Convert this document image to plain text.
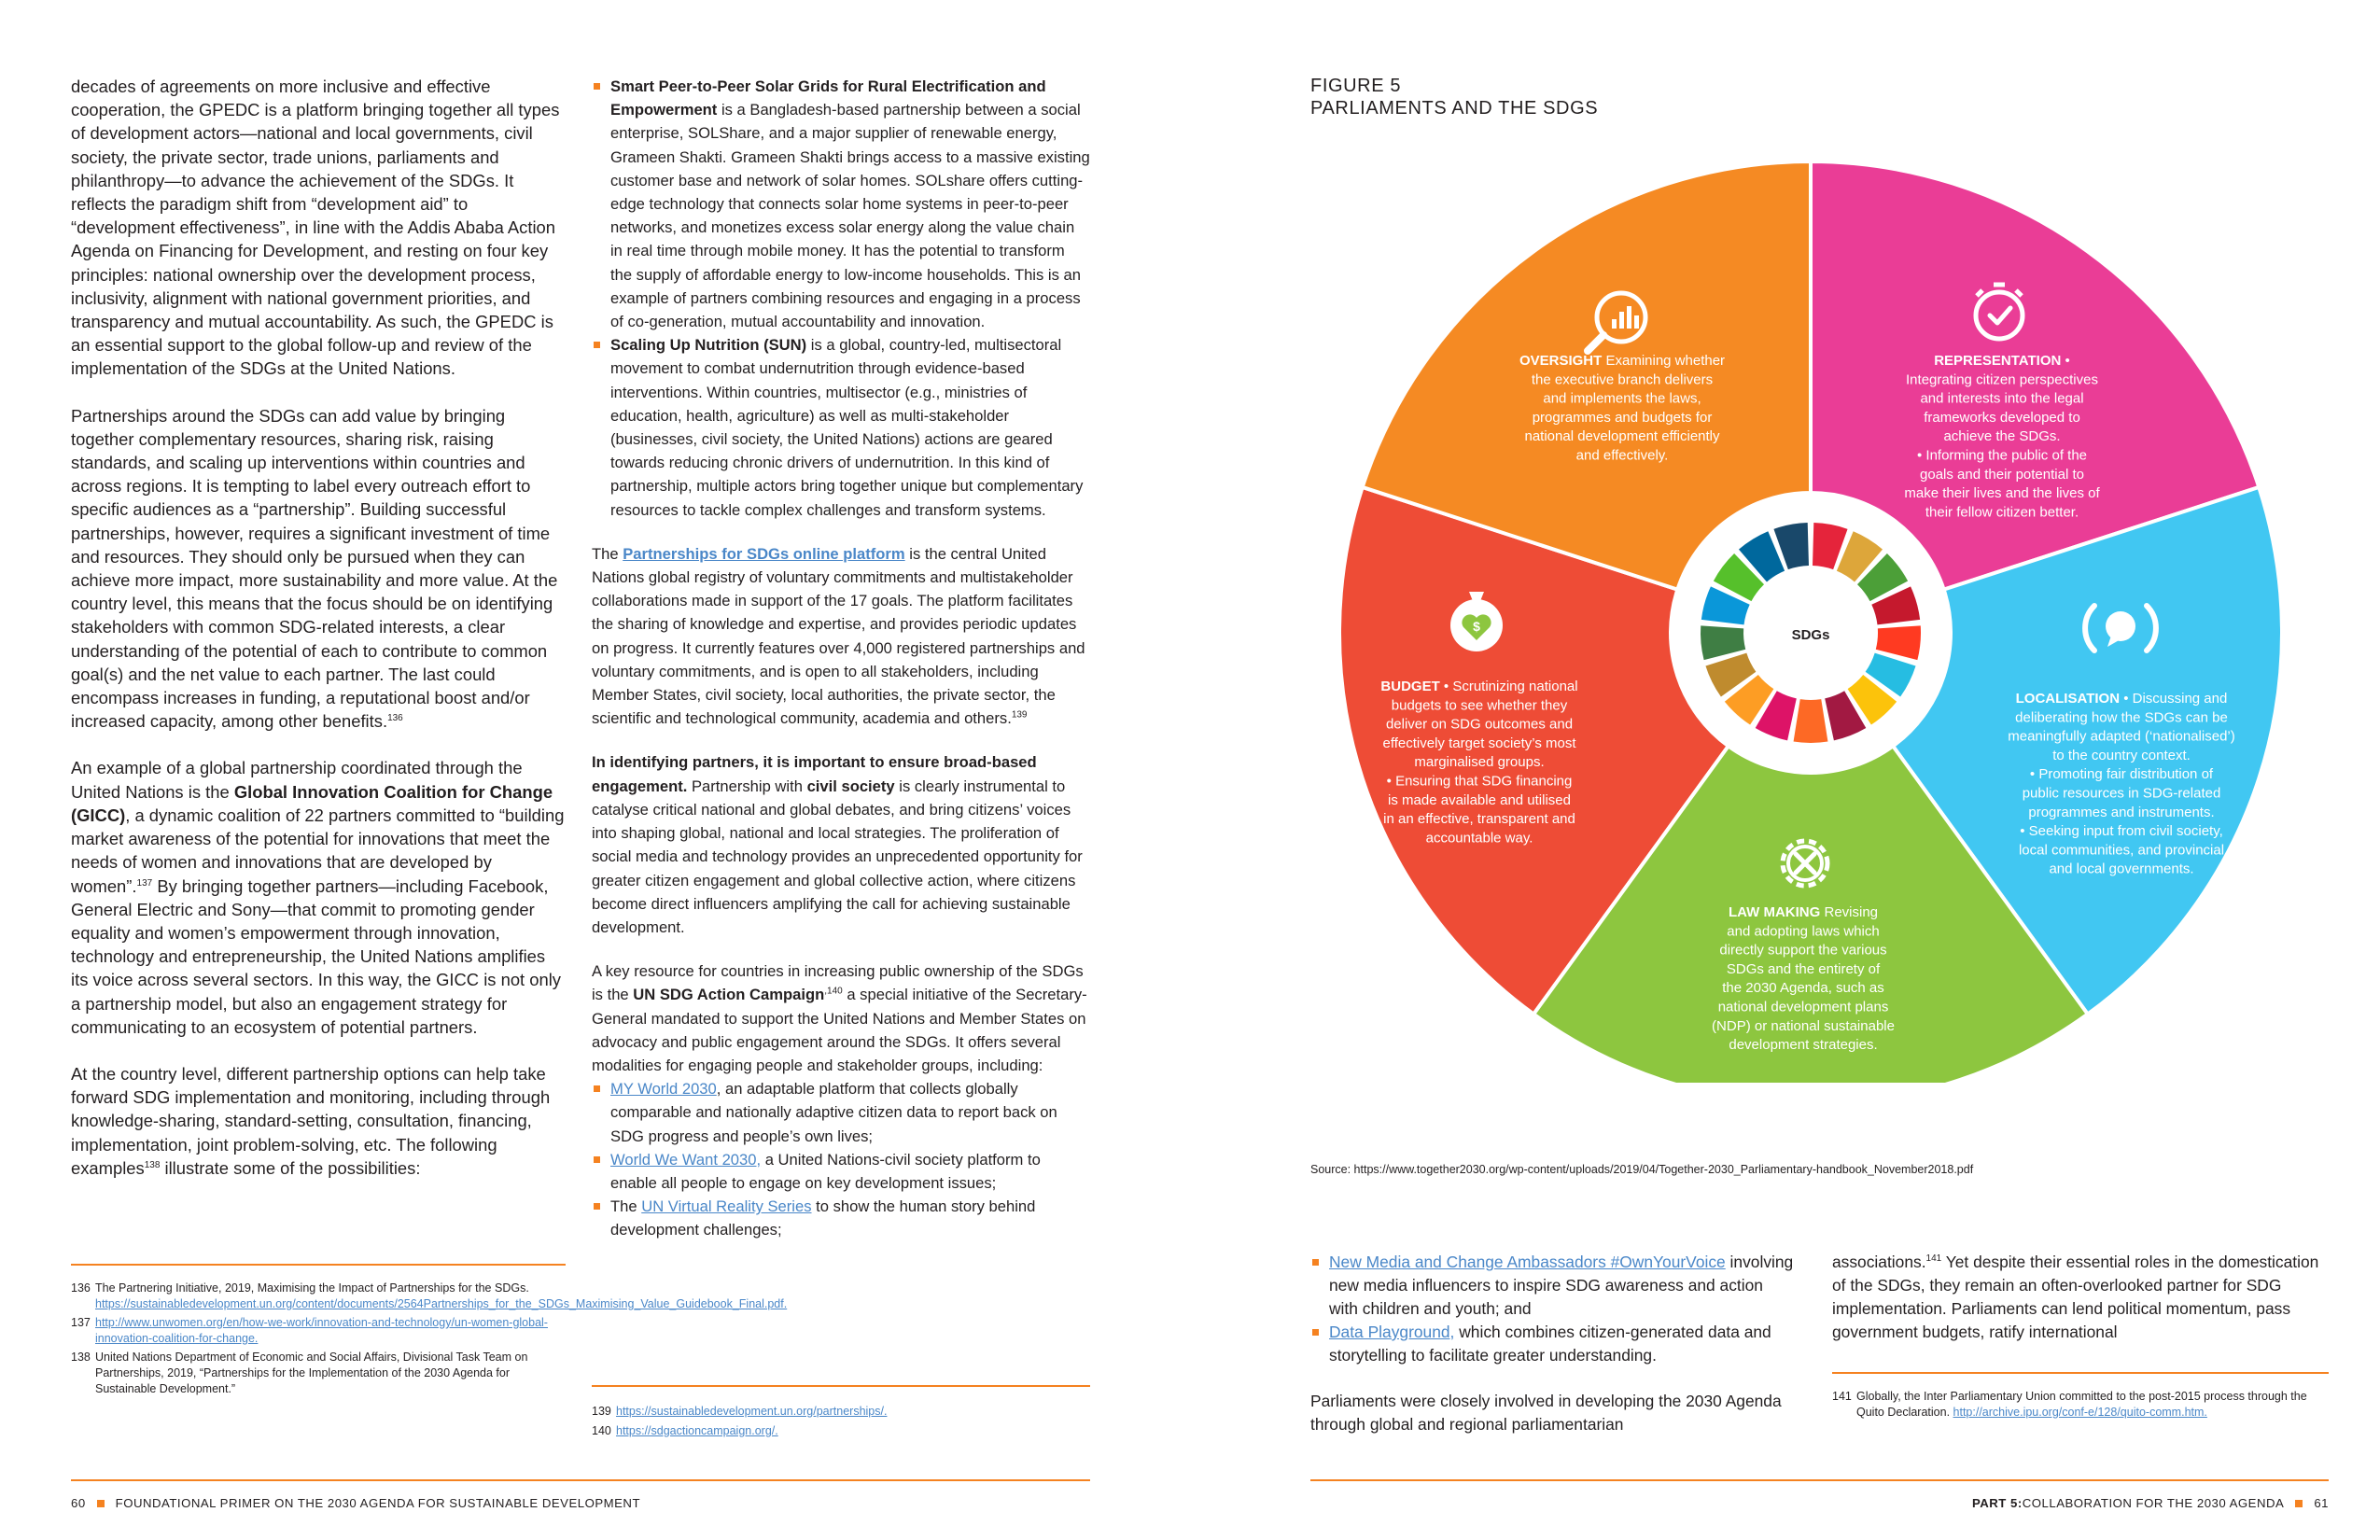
decades of agreements on more inclusive and effective cooperation, the GPEDC is a platform bringing together all types of development actors—national and local governments, civil society, the private sector, trade unions, parliaments and philanthropy—to advance the achievement of the SDGs. It reflects the paradigm shift from “development aid” to “development effectiveness”, in line with the Addis Ababa Action Agenda on Financing for Development, and resting on four key principles: national ownership over the development process, inclusivity, alignment with national government priorities, and transparency and mutual accountability. As such, the GPEDC is an essential support to the global follow-up and review of the implementation of the SDGs at the United Nations.

Partnerships around the SDGs can add value by bringing together complementary resources, sharing risk, raising standards, and scaling up interventions within countries and across regions. It is tempting to label every outreach effort to specific audiences as a “partnership”. Building successful partnerships, however, requires a significant investment of time and resources. They should only be pursued when they can achieve more impact, more sustainability and more value. At the country level, this means that the focus should be on identifying stakeholders with common SDG-related interests, a clear understanding of the potential of each to contribute to common goal(s) and the net value to each partner. The last could encompass increases in funding, a reputational boost and/or increased capacity, among other benefits.$^{136}$

An example of a global partnership coordinated through the United Nations is the Global Innovation Coalition for Change (GICC), a dynamic coalition of 22 partners committed to “building market awareness of the potential for innovations that meet the needs of women and innovations that are developed by women”.$^{137}$ By bringing together partners—including Facebook, General Electric and Sony—that commit to promoting gender equality and women’s empowerment through innovation, technology and entrepreneurship, the United Nations amplifies its voice across several sectors. In this way, the GICC is not only a partnership model, but also an engagement strategy for communicating to an ecosystem of potential partners.

At the country level, different partnership options can help take forward SDG implementation and monitoring, including through knowledge-sharing, standard-setting, consultation, financing, implementation, joint problem-solving, etc. The following examples$^{138}$ illustrate some of the possibilities:

136 The Partnering Initiative, 2019, Maximising the Impact of Partnerships for the SDGs. https://sustainabledevelopment.un.org/content/documents/2564Partnerships_for_the_SDGs_Maximising_Value_Guidebook_Final.pdf.
137 http://www.unwomen.org/en/how-we-work/innovation-and-technology/un-women-global-innovation-coalition-for-change.
138 United Nations Department of Economic and Social Affairs, Divisional Task Team on Partnerships, 2019, “Partnerships for the Implementation of the 2030 Agenda for Sustainable Development.”

Smart Peer-to-Peer Solar Grids for Rural Electrification and Empowerment is a Bangladesh-based partnership between a social enterprise, SOLShare, and a major supplier of renewable energy, Grameen Shakti. Grameen Shakti brings access to a massive existing customer base and network of solar homes. SOLshare offers cutting-edge technology that connects solar home systems in peer-to-peer networks, and monetizes excess solar energy along the value chain in real time through mobile money. It has the potential to transform the supply of affordable energy to low-income households. This is an example of partners combining resources and engaging in a process of co-generation, mutual accountability and innovation.

Scaling Up Nutrition (SUN) is a global, country-led, multisectoral movement to combat undernutrition through evidence-based interventions. Within countries, multisector (e.g., ministries of education, health, agriculture) as well as multi-stakeholder (businesses, civil society, the United Nations) actions are geared towards reducing chronic drivers of undernutrition. In this kind of partnership, multiple actors bring together unique but complementary resources to tackle complex challenges and transform systems.

The Partnerships for SDGs online platform is the central United Nations global registry of voluntary commitments and multistakeholder collaborations made in support of the 17 goals. The platform facilitates the sharing of knowledge and expertise, and provides periodic updates on progress. It currently features over 4,000 registered partnerships and voluntary commitments, and is open to all stakeholders, including Member States, civil society, local authorities, the private sector, the scientific and technological community, academia and others.$^{139}$

In identifying partners, it is important to ensure broad-based engagement. Partnership with civil society is clearly instrumental to catalyse critical national and global debates, and bring citizens’ voices into shaping global, national and local strategies. The proliferation of social media and technology provides an unprecedented opportunity for greater citizen engagement and global collective action, where citizens become direct influencers amplifying the call for achieving sustainable development.

A key resource for countries in increasing public ownership of the SDGs is the UN SDG Action Campaign$^{,140}$ a special initiative of the Secretary-General mandated to support the United Nations and Member States on advocacy and public engagement around the SDGs. It offers several modalities for engaging people and stakeholder groups, including:

MY World 2030, an adaptable platform that collects globally comparable and nationally adaptive citizen data to report back on SDG progress and people’s own lives;
World We Want 2030, a United Nations-civil society platform to enable all people to engage on key development issues;
The UN Virtual Reality Series to show the human story behind development challenges;
139 https://sustainabledevelopment.un.org/partnerships/.
140 https://sdgactioncampaign.org/.
FIGURE 5
PARLIAMENTS AND THE SDGS
SDGs
$
OVERSIGHT Examining whether the executive branch delivers and implements the laws, programmes and budgets for national development efficiently and effectively.
REPRESENTATION • Integrating citizen perspectives and interests into the legal frameworks developed to achieve the SDGs. • Informing the public of the goals and their potential to make their lives and the lives of their fellow citizen better.
LOCALISATION • Discussing and deliberating how the SDGs can be meaningfully adapted (‘nationalised’) to the country context. • Promoting fair distribution of public resources in SDG-related programmes and instruments. • Seeking input from civil society, local communities, and provincial and local governments.
LAW MAKING Revising and adopting laws which directly support the various SDGs and the entirety of the 2030 Agenda, such as national development plans (NDP) or national sustainable development strategies.
BUDGET • Scrutinizing national budgets to see whether they deliver on SDG outcomes and effectively target society’s most marginalised groups. • Ensuring that SDG financing is made available and utilised in an effective, transparent and accountable way.
Source: https://www.together2030.org/wp-content/uploads/2019/04/Together-2030_Parliamentary-handbook_November2018.pdf
New Media and Change Ambassadors #OwnYourVoice involving new media influencers to inspire SDG awareness and action with children and youth; and
Data Playground, which combines citizen-generated data and storytelling to facilitate greater understanding.

Parliaments were closely involved in developing the 2030 Agenda through global and regional parliamentarian

associations.$^{141}$ Yet despite their essential roles in the domestication of the SDGs, they remain an often-overlooked partner for SDG implementation. Parliaments can lend political momentum, pass government budgets, ratify international

141 Globally, the Inter Parliamentary Union committed to the post-2015 process through the Quito Declaration. http://archive.ipu.org/conf-e/128/quito-comm.htm.
60 FOUNDATIONAL PRIMER ON THE 2030 AGENDA FOR SUSTAINABLE DEVELOPMENT	PART 5: COLLABORATION FOR THE 2030 AGENDA 61
